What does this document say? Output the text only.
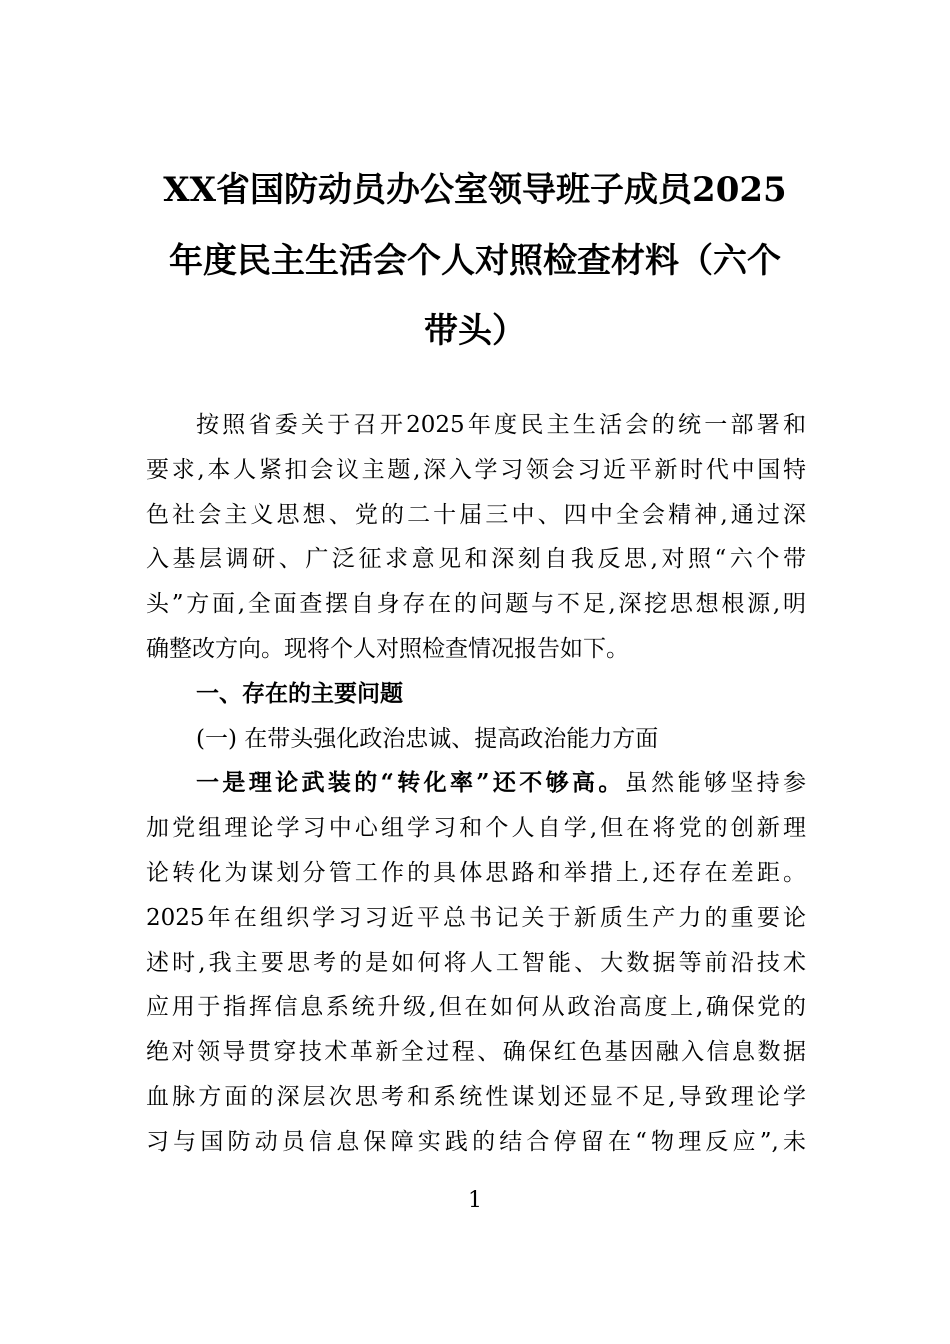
XX省国防动员办公室领导班子成员2025
年度民主生活会个人对照检查材料（六个
带头）
按照省委关于召开2025年度民主生活会的统一部署和
要求,本人紧扣会议主题,深入学习领会习近平新时代中国特
色社会主义思想、党的二十届三中、四中全会精神,通过深
入基层调研、广泛征求意见和深刻自我反思,对照“六个带
头”方面,全面查摆自身存在的问题与不足,深挖思想根源,明
确整改方向。现将个人对照检查情况报告如下。
一、存在的主要问题
(一) 在带头强化政治忠诚、提高政治能力方面
一是理论武装的“转化率”还不够高。虽然能够坚持参
加党组理论学习中心组学习和个人自学,但在将党的创新理
论转化为谋划分管工作的具体思路和举措上,还存在差距。
2025年在组织学习习近平总书记关于新质生产力的重要论
述时,我主要思考的是如何将人工智能、大数据等前沿技术
应用于指挥信息系统升级,但在如何从政治高度上,确保党的
绝对领导贯穿技术革新全过程、确保红色基因融入信息数据
血脉方面的深层次思考和系统性谋划还显不足,导致理论学
习与国防动员信息保障实践的结合停留在“物理反应”,未
1
